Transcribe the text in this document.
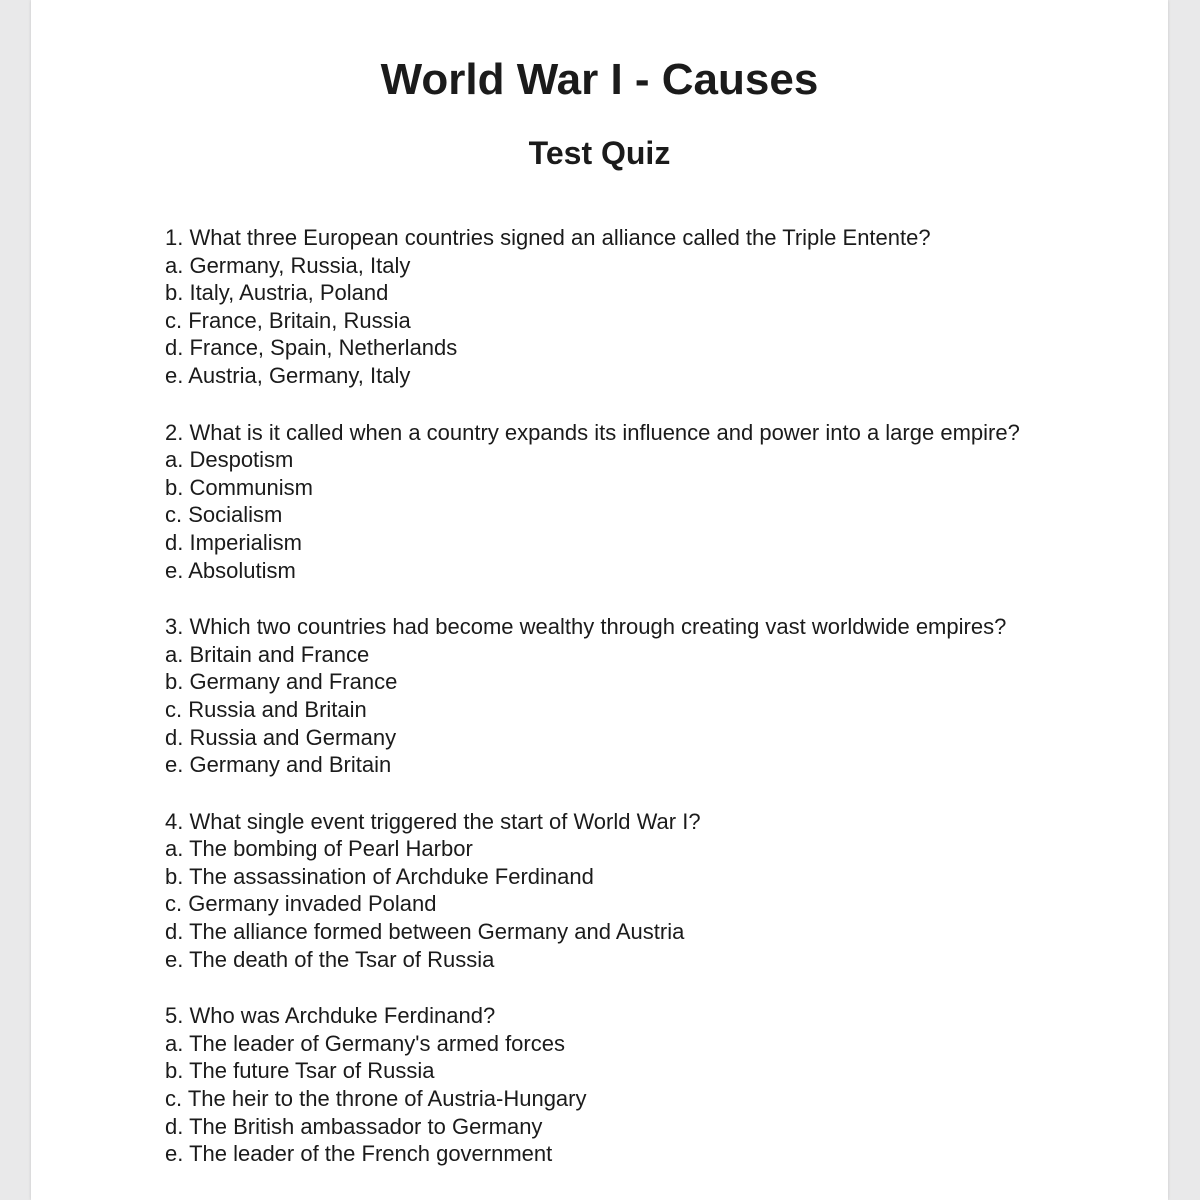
World War I - Causes
Test Quiz
1. What three European countries signed an alliance called the Triple Entente?
a. Germany, Russia, Italy
b. Italy, Austria, Poland
c. France, Britain, Russia
d. France, Spain, Netherlands
e. Austria, Germany, Italy
2. What is it called when a country expands its influence and power into a large empire?
a. Despotism
b. Communism
c. Socialism
d. Imperialism
e. Absolutism
3. Which two countries had become wealthy through creating vast worldwide empires?
a. Britain and France
b. Germany and France
c. Russia and Britain
d. Russia and Germany
e. Germany and Britain
4. What single event triggered the start of World War I?
a. The bombing of Pearl Harbor
b. The assassination of Archduke Ferdinand
c. Germany invaded Poland
d. The alliance formed between Germany and Austria
e. The death of the Tsar of Russia
5. Who was Archduke Ferdinand?
a. The leader of Germany's armed forces
b. The future Tsar of Russia
c. The heir to the throne of Austria-Hungary
d. The British ambassador to Germany
e. The leader of the French government
